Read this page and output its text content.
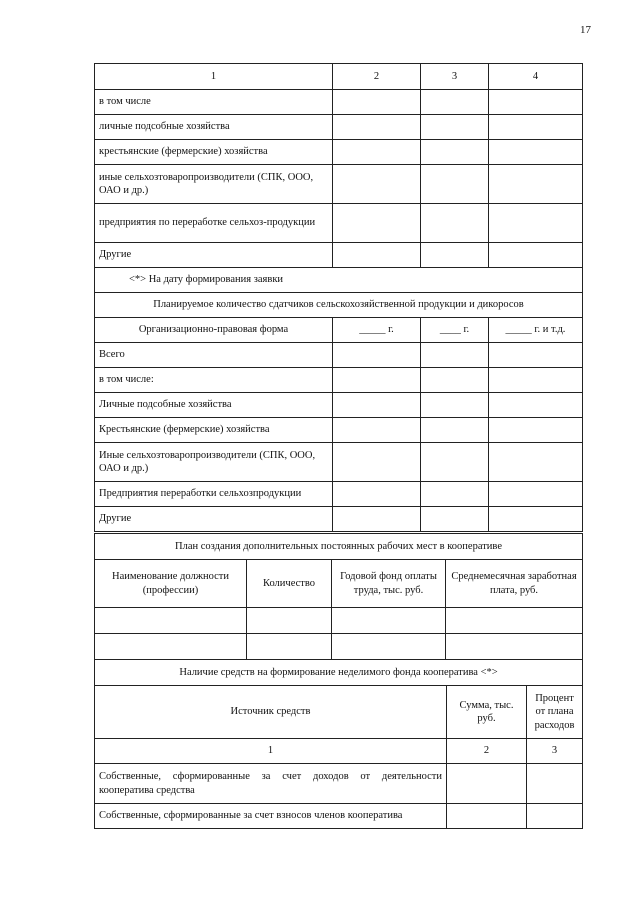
17
1	2	3	4
в том числе			
личные подсобные хозяйства			
крестьянские (фермерские) хозяйства			
иные сельхозтоваропроизводители (СПК, ООО, ОАО и др.)			
предприятия по переработке сельхоз-продукции			
Другие			
<*> На дату формирования заявки			
Планируемое количество сдатчиков сельскохозяйственной продукции и дикоросов			
Организационно-правовая форма	_____ г.	____ г.	_____ г. и т.д.
Всего			
в том числе:			
Личные подсобные хозяйства			
Крестьянские (фермерские) хозяйства			
Иные сельхозтоваропроизводители (СПК, ООО, ОАО и др.)			
Предприятия переработки сельхозпродукции			
Другие			
План создания дополнительных постоянных рабочих мест в кооперативе			
Наименование должности (профессии)	Количество	Годовой фонд оплаты труда, тыс. руб.	Среднемесячная заработная плата, руб.

Наличие средств на формирование неделимого фонда кооператива <*>		
Источник средств	Сумма, тыс. руб.	Процент от плана расходов
1	2	3
Собственные, сформированные за счет доходов от деятельности кооператива средства		
Собственные, сформированные за счет взносов членов кооператива		
